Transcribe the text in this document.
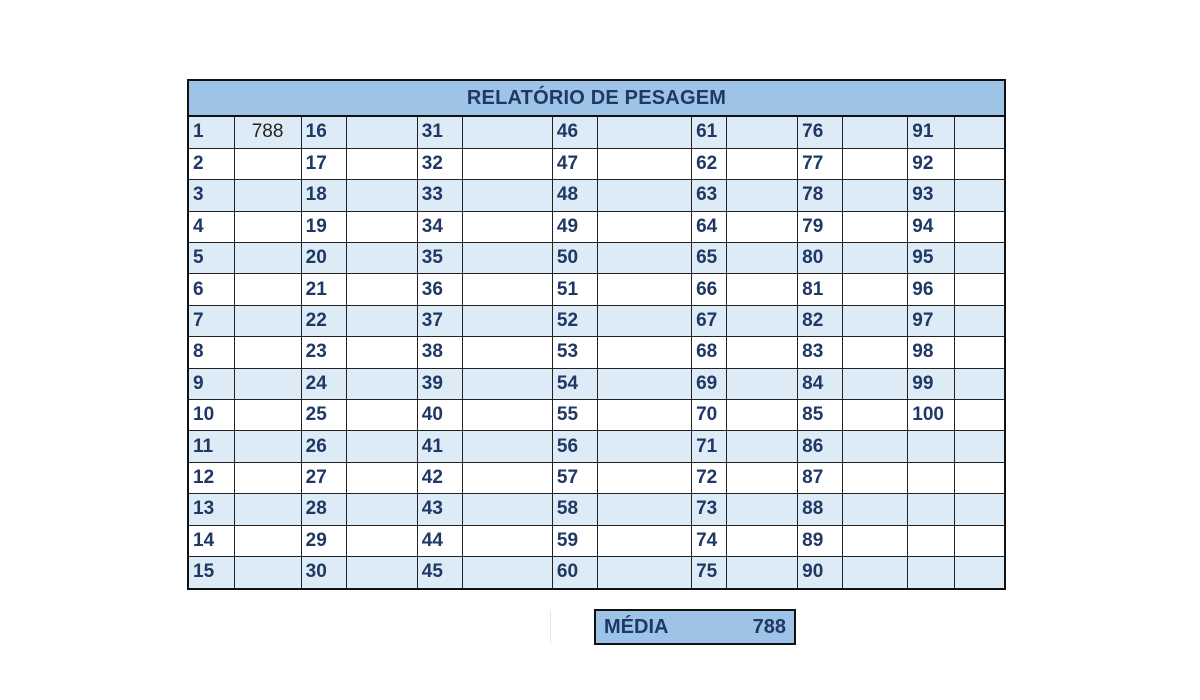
RELATÓRIO DE PESAGEM
1	788	16		31		46		61		76		91	
2		17		32		47		62		77		92	
3		18		33		48		63		78		93	
4		19		34		49		64		79		94	
5		20		35		50		65		80		95	
6		21		36		51		66		81		96	
7		22		37		52		67		82		97	
8		23		38		53		68		83		98	
9		24		39		54		69		84		99	
10		25		40		55		70		85		100	
11		26		41		56		71		86			
12		27		42		57		72		87			
13		28		43		58		73		88			
14		29		44		59		74		89			
15		30		45		60		75		90			
MÉDIA	788
